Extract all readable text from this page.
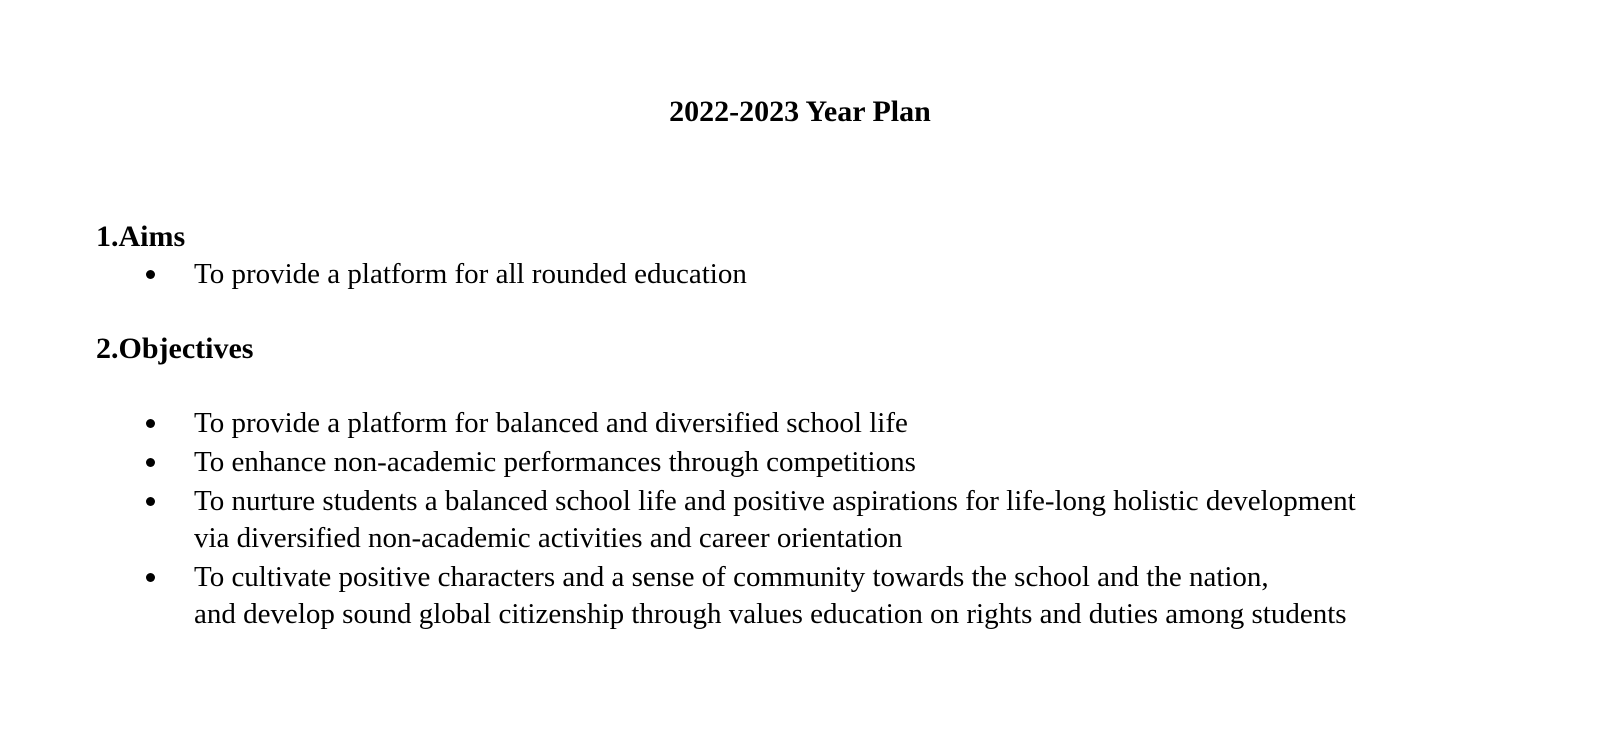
2022-2023 Year Plan
1.Aims
To provide a platform for all rounded education
2.Objectives
To provide a platform for balanced and diversified school life
To enhance non-academic performances through competitions
To nurture students a balanced school life and positive aspirations for life-long holistic development
via diversified non-academic activities and career orientation
To cultivate positive characters and a sense of community towards the school and the nation,
and develop sound global citizenship through values education on rights and duties among students
